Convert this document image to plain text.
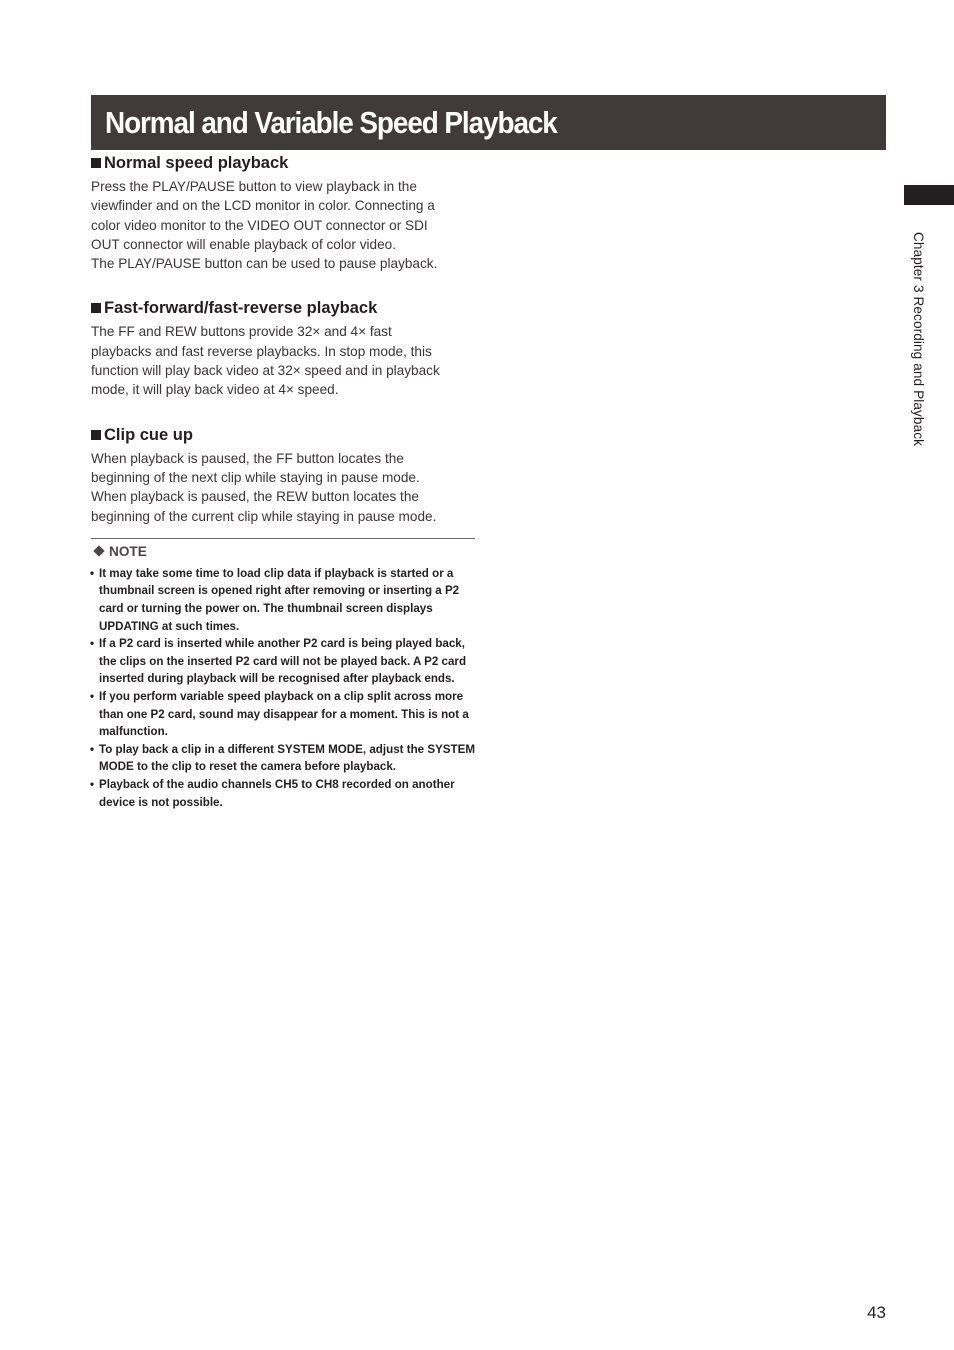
Normal and Variable Speed Playback
Normal speed playback

Press the PLAY/PAUSE button to view playback in the

viewfinder and on the LCD monitor in color. Connecting a

color video monitor to the VIDEO OUT connector or SDI

OUT connector will enable playback of color video.

The PLAY/PAUSE button can be used to pause playback.

Fast-forward/fast-reverse playback

The FF and REW buttons provide 32× and 4× fast

playbacks and fast reverse playbacks. In stop mode, this

function will play back video at 32× speed and in playback

mode, it will play back video at 4× speed.

Clip cue up

When playback is paused, the FF button locates the

beginning of the next clip while staying in pause mode.

When playback is paused, the REW button locates the

beginning of the current clip while staying in pause mode.

NOTE
• It may take some time to load clip data if playback is started or a thumbnail screen is opened right after removing or inserting a P2 card or turning the power on. The thumbnail screen displays UPDATING at such times.
• If a P2 card is inserted while another P2 card is being played back, the clips on the inserted P2 card will not be played back. A P2 card inserted during playback will be recognised after playback ends.
• If you perform variable speed playback on a clip split across more than one P2 card, sound may disappear for a moment. This is not a malfunction.
• To play back a clip in a different SYSTEM MODE, adjust the SYSTEM MODE to the clip to reset the camera before playback.
• Playback of the audio channels CH5 to CH8 recorded on another device is not possible.
Chapter 3 Recording and Playback
43
